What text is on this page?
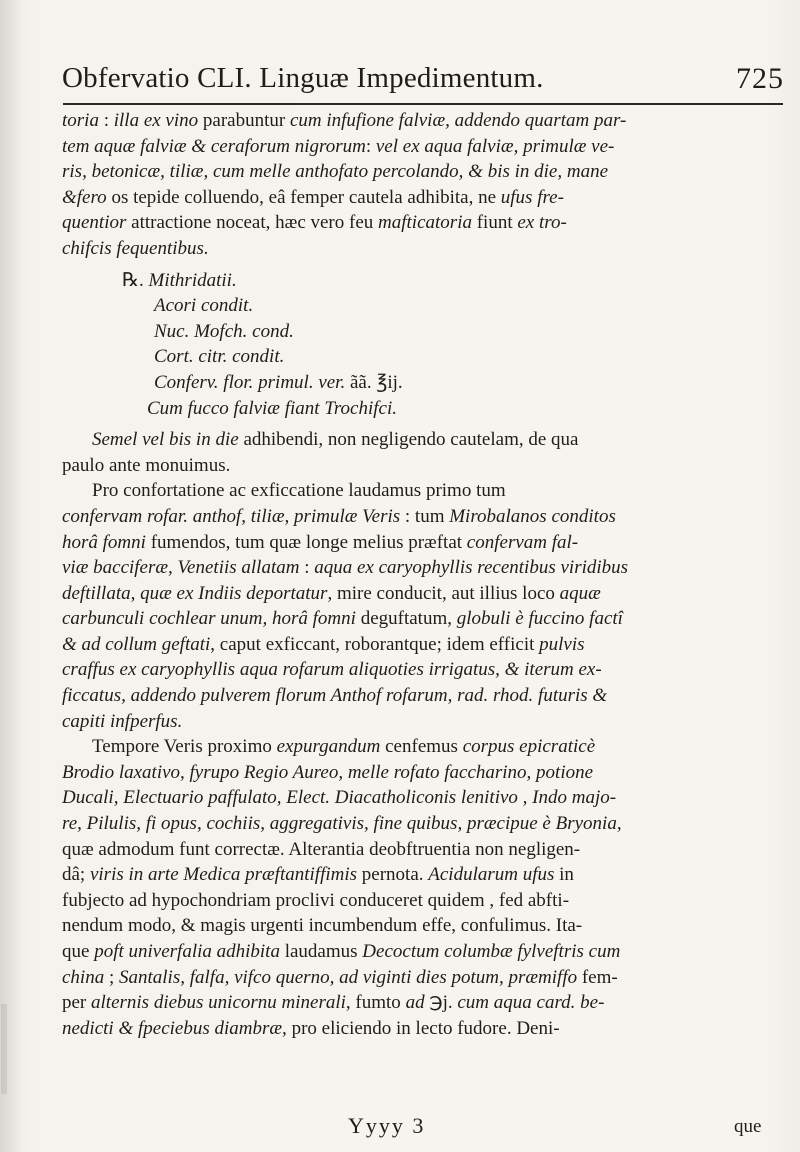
Obfervatio CLI. Linguæ Impedimentum.	725
toria : illa ex vino parabuntur cum infufione falviæ, addendo quartam par-
tem aquæ falviæ & ceraforum nigrorum: vel ex aqua falviæ, primulæ ve-
ris, betonicæ, tiliæ, cum melle anthofato percolando, & bis in die, mane
&fero os tepide colluendo, eâ femper cautela adhibita, ne ufus fre-
quentior attractione noceat, hæc vero feu mafticatoria fiunt ex tro-
chifcis fequentibus.
℞. Mithridatii.
Acori condit.
Nuc. Mofch. cond.
Cort. citr. condit.
Conferv. flor. primul. ver. ãã. ℥ij.
Cum fucco falviæ fiant Trochifci.
Semel vel bis in die adhibendi, non negligendo cautelam, de qua
paulo ante monuimus.
Pro confortatione ac exficcatione laudamus primo tum
confervam rofar. anthof, tiliæ, primulæ Veris : tum Mirobalanos conditos
horâ fomni fumendos, tum quæ longe melius præftat confervam fal-
viæ bacciferæ, Venetiis allatam : aqua ex caryophyllis recentibus viridibus
deftillata, quæ ex Indiis deportatur, mire conducit, aut illius loco aquæ
carbunculi cochlear unum, horâ fomni deguftatum, globuli è fuccino factî
& ad collum geftati, caput exficcant, roborantque; idem efficit pulvis
craffus ex caryophyllis aqua rofarum aliquoties irrigatus, & iterum ex-
ficcatus, addendo pulverem florum Anthof rofarum, rad. rhod. futuris &
capiti infperfus.
Tempore Veris proximo expurgandum cenfemus corpus epicraticè
Brodio laxativo, fyrupo Regio Aureo, melle rofato faccharino, potione
Ducali, Electuario paffulato, Elect. Diacatholiconis lenitivo , Indo majo-
re, Pilulis, fi opus, cochiis, aggregativis, fine quibus, præcipue è Bryonia,
quæ admodum funt correctæ. Alterantia deobftruentia non negligen-
dâ; viris in arte Medica præftantiffimis pernota. Acidularum ufus in
fubjecto ad hypochondriam proclivi conduceret quidem , fed abfti-
nendum modo, & magis urgenti incumbendum effe, confulimus. Ita-
que poft univerfalia adhibita laudamus Decoctum columbæ fylveftris cum
china ; Santalis, falfa, vifco querno, ad viginti dies potum, præmiffo fem-
per alternis diebus unicornu minerali, fumto ad ℈j. cum aqua card. be-
nedicti & fpeciebus diambræ, pro eliciendo in lecto fudore. Deni-
Yyyy 3	que
